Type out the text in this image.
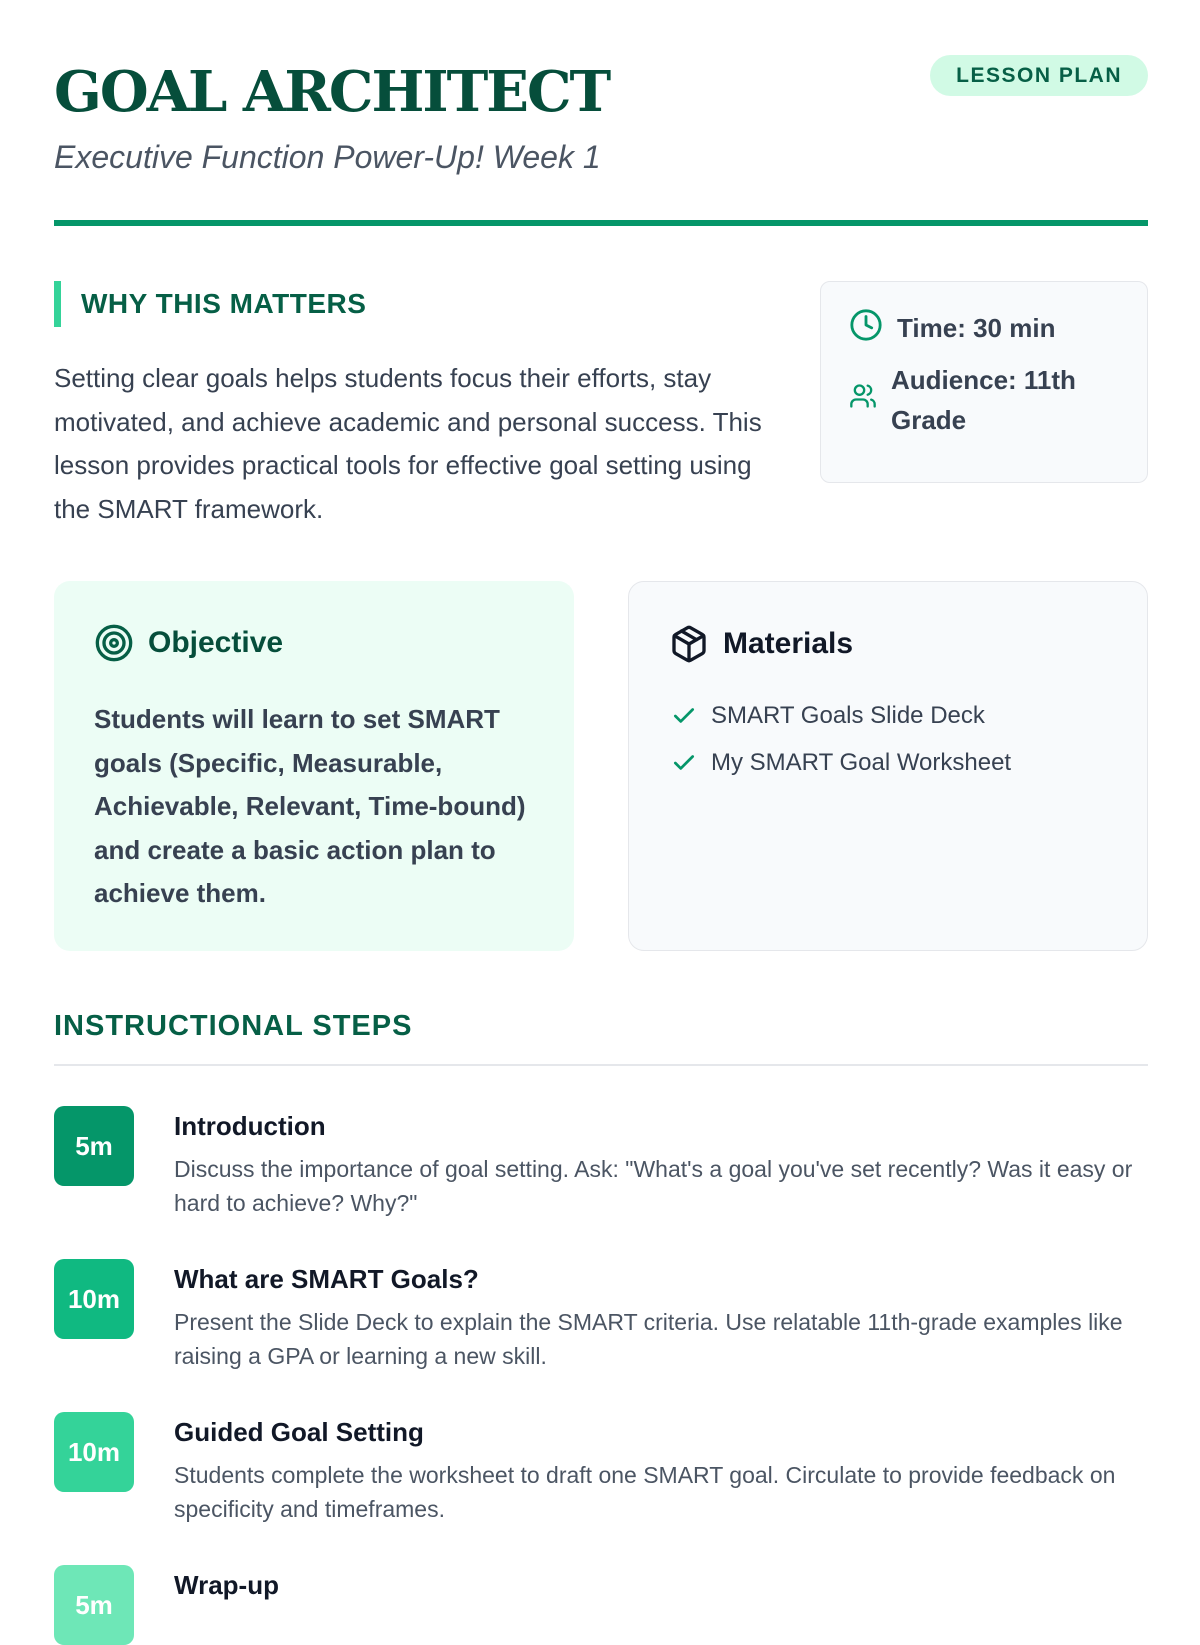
GOAL ARCHITECT
Executive Function Power-Up! Week 1
LESSON PLAN
WHY THIS MATTERS

Setting clear goals helps students focus their efforts, stay motivated, and achieve academic and personal success. This lesson provides practical tools for effective goal setting using the SMART framework.

Time: 30 min
Audience: 11th Grade
Objective

Students will learn to set SMART goals (Specific, Measurable, Achievable, Relevant, Time-bound) and create a basic action plan to achieve them.

Materials
SMART Goals Slide Deck
My SMART Goal Worksheet
INSTRUCTIONAL STEPS
5m
Introduction
Discuss the importance of goal setting. Ask: "What's a goal you've set recently? Was it easy or hard to achieve? Why?"
10m
What are SMART Goals?
Present the Slide Deck to explain the SMART criteria. Use relatable 11th-grade examples like raising a GPA or learning a new skill.
10m
Guided Goal Setting
Students complete the worksheet to draft one SMART goal. Circulate to provide feedback on specificity and timeframes.
5m
Wrap-up
